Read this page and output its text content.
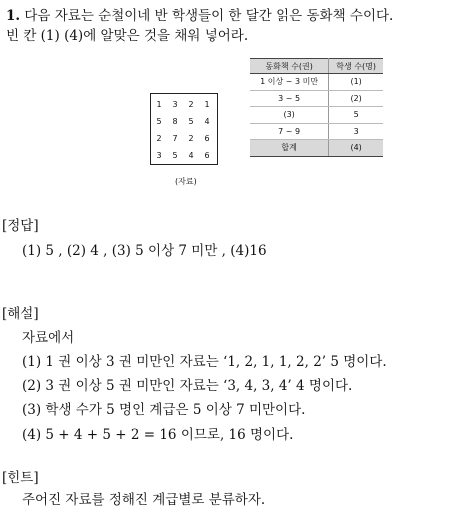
1. 다음 자료는 순철이네 반 학생들이 한 달간 읽은 동화책 수이다.
빈 칸 (1) (4)에 알맞은 것을 채워 넣어라.
1	3	2	1
5	8	5	4
2	7	2	6
3	5	4	6
(자료)
동화책 수(권)	학생 수(명)
1 이상 ~ 3 미만	(1)
3 ~ 5	(2)
(3)	5
7 ~ 9	3
합계	(4)
[정답]
(1) 5 , (2) 4 , (3) 5 이상 7 미만 , (4)16
[해설]
자료에서
(1) 1 권 이상 3 권 미만인 자료는 ‘1, 2, 1, 1, 2, 2’ 5 명이다.
(2) 3 권 이상 5 권 미만인 자료는 ‘3, 4, 3, 4’ 4 명이다.
(3) 학생 수가 5 명인 계급은 5 이상 7 미만이다.
(4) 5 + 4 + 5 + 2 = 16 이므로, 16 명이다.
[힌트]
주어진 자료를 정해진 계급별로 분류하자.
